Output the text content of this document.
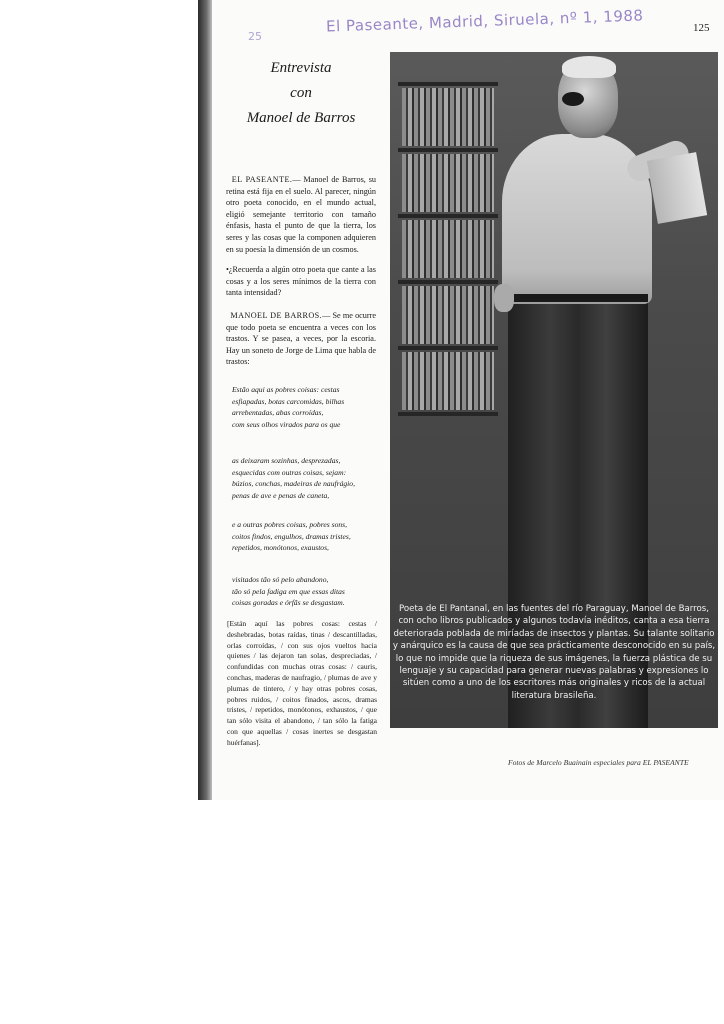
25
El Paseante, Madrid, Siruela, nº 1, 1988	125
Entrevista
con
Manoel de Barros
EL PASEANTE.— Manoel de Barros, su retina está fija en el suelo. Al parecer, ningún otro poeta conocido, en el mundo actual, eligió semejante territorio con tamaño énfasis, hasta el punto de que la tierra, los seres y las cosas que la componen adquieren en su poesía la dimensión de un cosmos.
•¿Recuerda a algún otro poeta que cante a las cosas y a los seres mínimos de la tierra con tanta intensidad?
MANOEL DE BARROS.— Se me ocurre que todo poeta se encuentra a veces con los trastos. Y se pasea, a veces, por la escoria. Hay un soneto de Jorge de Lima que habla de trastos:
Estão aqui as pobres coisas: cestas
esfiapadas, botas carcomidas, bilhas
arrebentadas, abas corroídas,
com seus olhos virados para os que
as deixaram sozinhas, desprezadas,
esquecidas com outras coisas, sejam:
búzios, conchas, madeiras de naufrágio,
penas de ave e penas de caneta,
e a outras pobres coisas, pobres sons,
coitos findos, engulhos, dramas tristes,
repetidos, monótonos, exaustos,
visitados tão só pelo abandono,
tão só pela fadiga em que essas ditas
coisas goradas e órfãs se desgastam.
[Están aquí las pobres cosas: cestas / deshebradas, botas raídas, tinas / descantilladas, orlas corroídas, / con sus ojos vueltos hacia quienes / las dejaron tan solas, despreciadas, / confundidas con muchas otras cosas: / cauris, conchas, maderas de naufragio, / plumas de ave y plumas de tintero, / y hay otras pobres cosas, pobres ruidos, / coitos finados, ascos, dramas tristes, / repetidos, monótonos, exhaustos, / que tan sólo visita el abandono, / tan sólo la fatiga con que aquellas / cosas inertes se desgastan huérfanas].
Poeta de El Pantanal, en las fuentes del río Paraguay, Manoel de Barros, con ocho libros publicados y algunos todavía inéditos, canta a esa tierra deteriorada poblada de miríadas de insectos y plantas. Su talante solitario y anárquico es la causa de que sea prácticamente desconocido en su país, lo que no impide que la riqueza de sus imágenes, la fuerza plástica de su lenguaje y su capacidad para generar nuevas palabras y expresiones lo sitúen como a uno de los escritores más originales y ricos de la actual literatura brasileña.
Fotos de Marcelo Buainain especiales para EL PASEANTE
